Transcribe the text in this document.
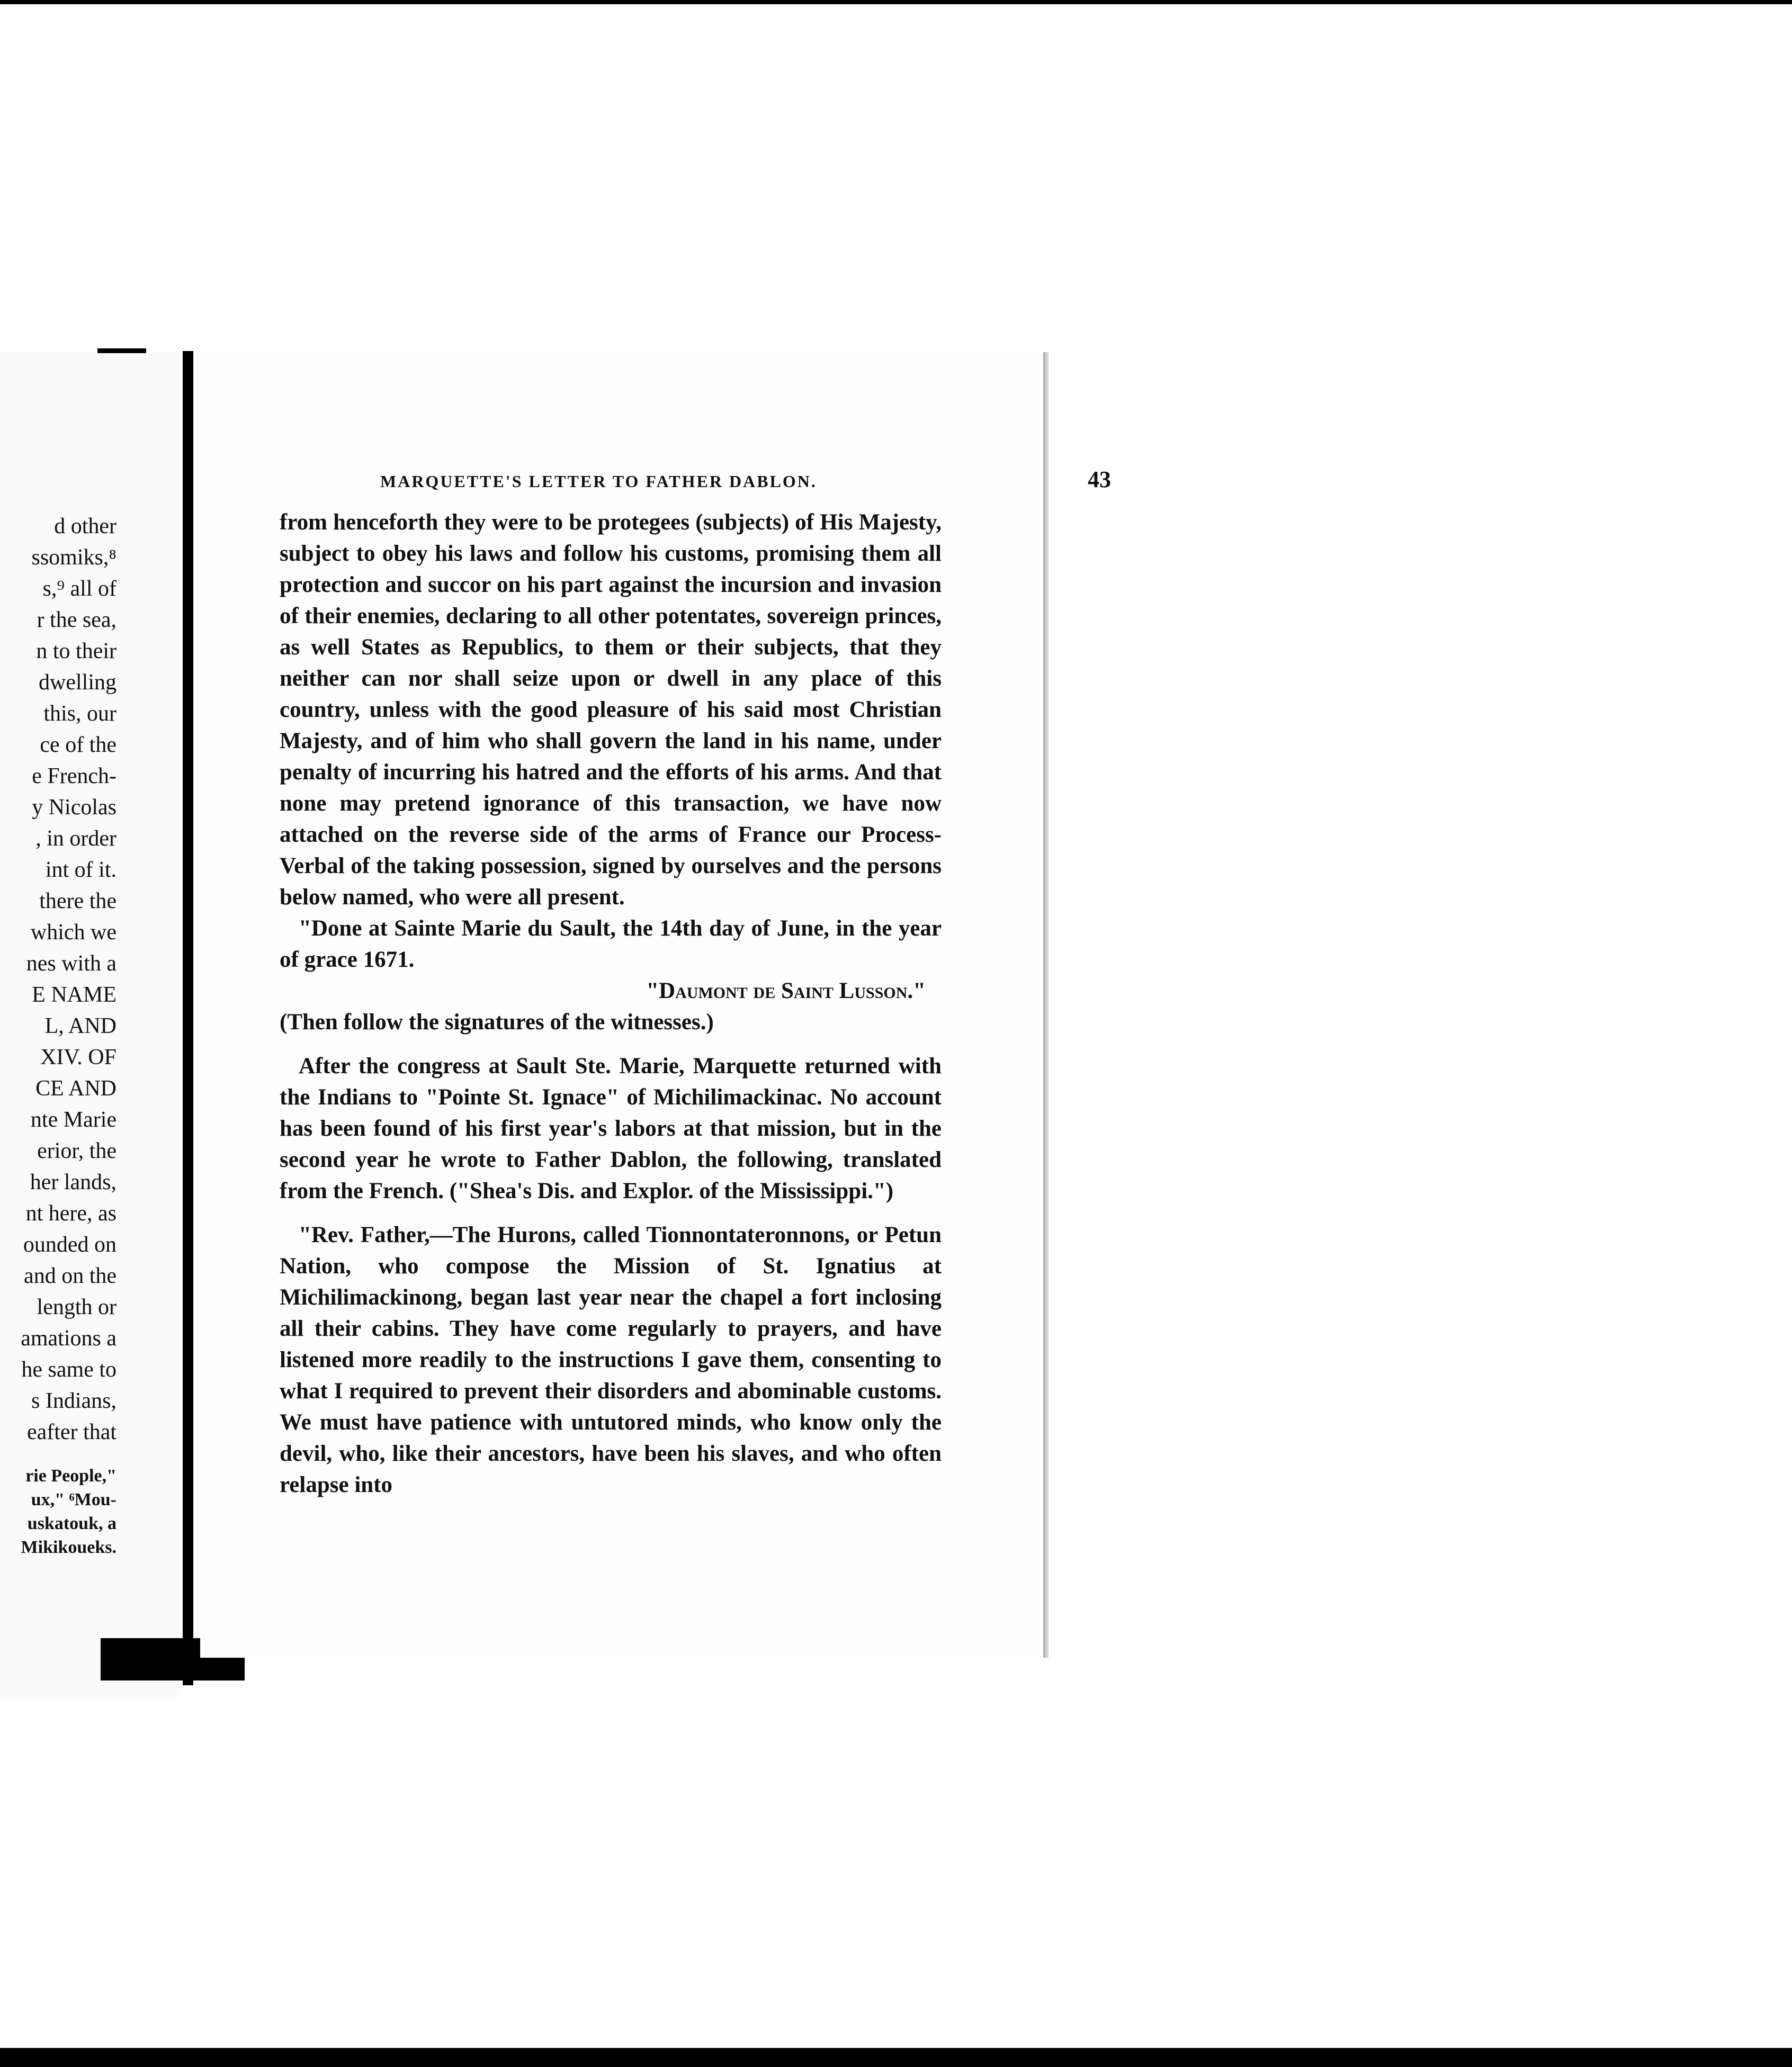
d other
ssomiks,⁸
s,⁹ all of
r the sea,
n to their
dwelling
this, our
ce of the
e French-
y Nicolas
, in order
int of it.
there the
which we
nes with a
E NAME
L, AND
XIV. OF
CE AND
nte Marie
erior, the
her lands,
nt here, as
ounded on
and on the
length or
amations a
he same to
s Indians,
eafter that
rie People,"
ux," ⁶Mou-
uskatouk, a
Mikikoueks.
MARQUETTE'S LETTER TO FATHER DABLON.	43

from henceforth they were to be protegees (subjects) of His Majesty, subject to obey his laws and follow his customs, promising them all protection and succor on his part against the incursion and invasion of their enemies, declaring to all other potentates, sovereign princes, as well States as Republics, to them or their subjects, that they neither can nor shall seize upon or dwell in any place of this country, unless with the good pleasure of his said most Christian Majesty, and of him who shall govern the land in his name, under penalty of incurring his hatred and the efforts of his arms. And that none may pretend ignorance of this transaction, we have now attached on the reverse side of the arms of France our Process-Verbal of the taking possession, signed by ourselves and the persons below named, who were all present.

"Done at Sainte Marie du Sault, the 14th day of June, in the year of grace 1671.

"Daumont de Saint Lusson."

(Then follow the signatures of the witnesses.)

After the congress at Sault Ste. Marie, Marquette returned with the Indians to "Pointe St. Ignace" of Michilimackinac. No account has been found of his first year's labors at that mission, but in the second year he wrote to Father Dablon, the following, translated from the French. ("Shea's Dis. and Explor. of the Mississippi.")

"Rev. Father,—The Hurons, called Tionnontateronnons, or Petun Nation, who compose the Mission of St. Ignatius at Michilimackinong, began last year near the chapel a fort inclosing all their cabins. They have come regularly to prayers, and have listened more readily to the instructions I gave them, consenting to what I required to prevent their disorders and abominable customs. We must have patience with untutored minds, who know only the devil, who, like their ancestors, have been his slaves, and who often relapse into
